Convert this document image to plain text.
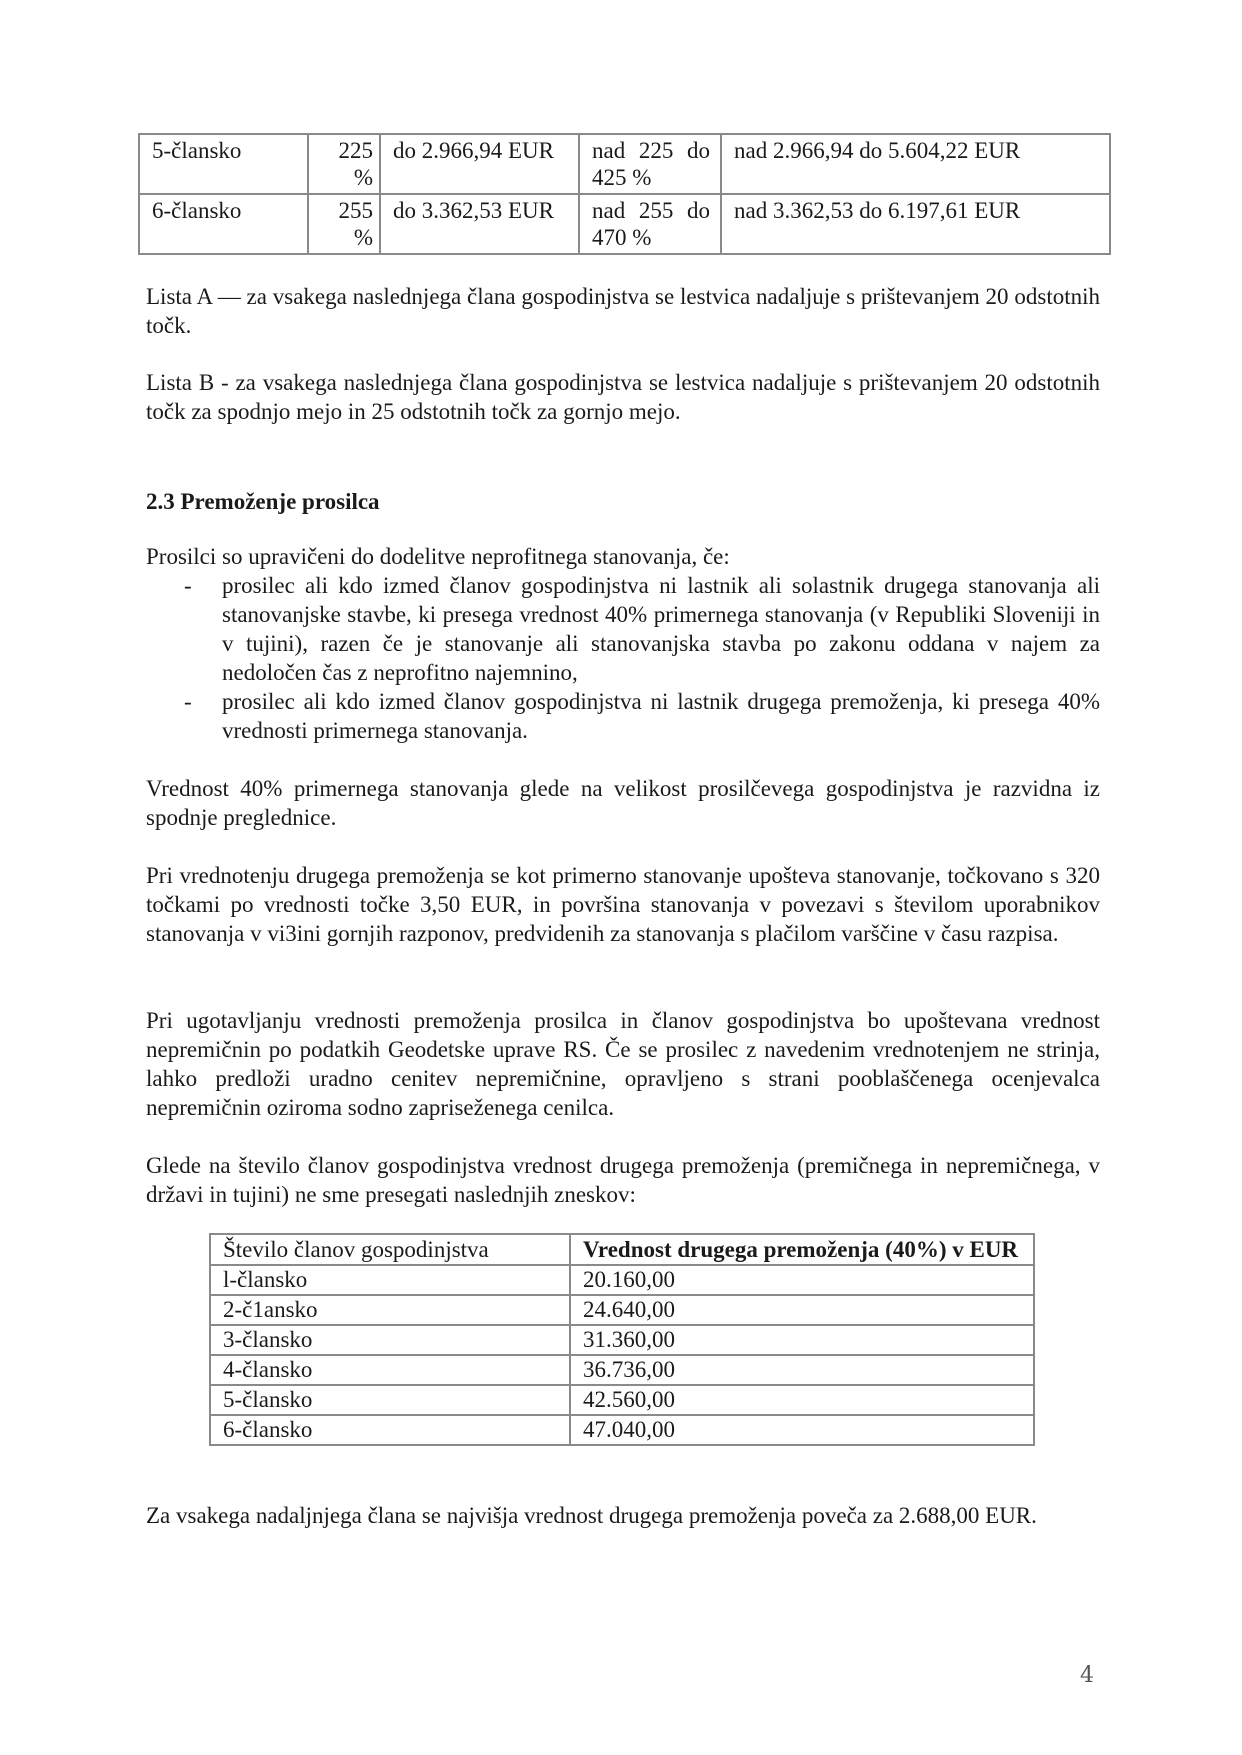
5-člansko	225 %	do 2.966,94 EUR	nad 225 do
425 %	nad 2.966,94 do 5.604,22 EUR
6-člansko	255 %	do 3.362,53 EUR	nad 255 do
470 %	nad 3.362,53 do 6.197,61 EUR

Lista A — za vsakega naslednjega člana gospodinjstva se lestvica nadaljuje s prištevanjem 20 odstotnih točk.

Lista B - za vsakega naslednjega člana gospodinjstva se lestvica nadaljuje s prištevanjem 20 odstotnih točk za spodnjo mejo in 25 odstotnih točk za gornjo mejo.

2.3 Premoženje prosilca

Prosilci so upravičeni do dodelitve neprofitnega stanovanja, če:

- prosilec ali kdo izmed članov gospodinjstva ni lastnik ali solastnik drugega stanovanja ali stanovanjske stavbe, ki presega vrednost 40% primernega stanovanja (v Republiki Sloveniji in v tujini), razen če je stanovanje ali stanovanjska stavba po zakonu oddana v najem za nedoločen čas z neprofitno najemnino,
- prosilec ali kdo izmed članov gospodinjstva ni lastnik drugega premoženja, ki presega 40% vrednosti primernega stanovanja.

Vrednost 40% primernega stanovanja glede na velikost prosilčevega gospodinjstva je razvidna iz spodnje preglednice.

Pri vrednotenju drugega premoženja se kot primerno stanovanje upošteva stanovanje, točkovano s 320 točkami po vrednosti točke 3,50 EUR, in površina stanovanja v povezavi s številom uporabnikov stanovanja v vi3ini gornjih razponov, predvidenih za stanovanja s plačilom varščine v času razpisa.

Pri ugotavljanju vrednosti premoženja prosilca in članov gospodinjstva bo upoštevana vrednost nepremičnin po podatkih Geodetske uprave RS. Če se prosilec z navedenim vrednotenjem ne strinja, lahko predloži uradno cenitev nepremičnine, opravljeno s strani pooblaščenega ocenjevalca nepremičnin oziroma sodno zapriseženega cenilca.

Glede na število članov gospodinjstva vrednost drugega premoženja (premičnega in nepremičnega, v državi in tujini) ne sme presegati naslednjih zneskov:

Število članov gospodinjstva	Vrednost drugega premoženja (40%) v EUR
l-člansko	20.160,00
2-č1ansko	24.640,00
3-člansko	31.360,00
4-člansko	36.736,00
5-člansko	42.560,00
6-člansko	47.040,00

Za vsakega nadaljnjega člana se najvišja vrednost drugega premoženja poveča za 2.688,00 EUR.

4
